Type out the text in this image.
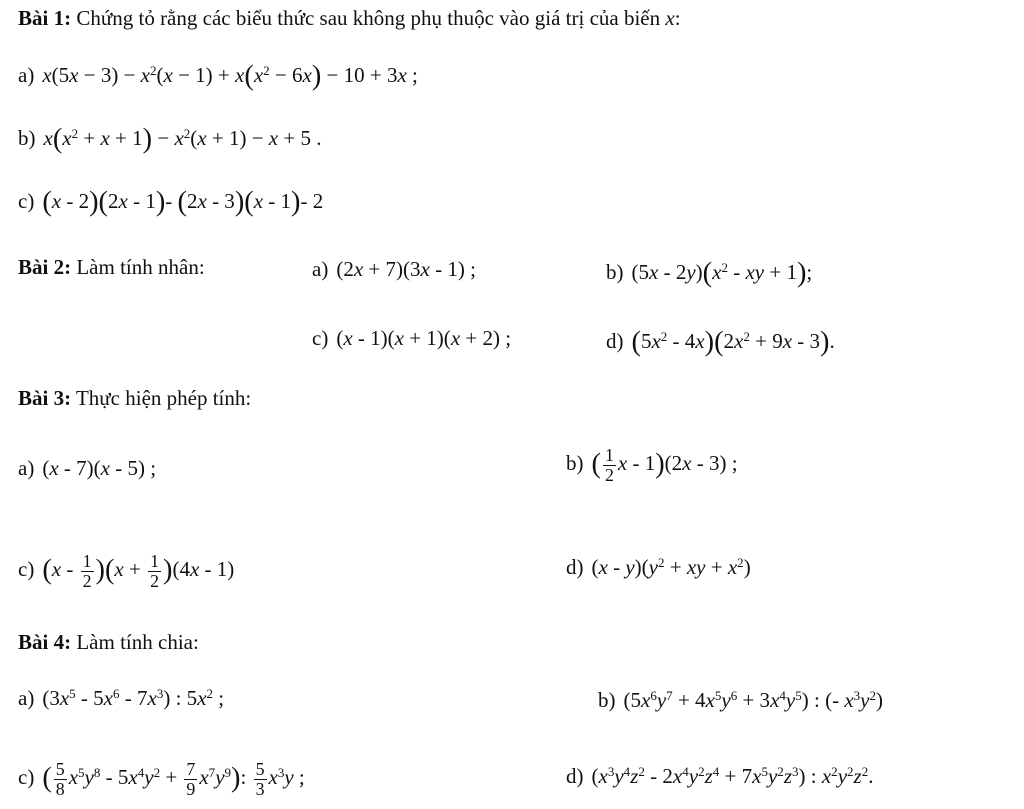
Bài 1: Chứng tỏ rằng các biểu thức sau không phụ thuộc vào giá trị của biến x:
a) $x(5x - 3) - x^2(x - 1) + x(x^2 - 6x) - 10 + 3x$ ;
b) $x(x^2 + x + 1) - x^2(x + 1) - x + 5$ .
c) (x - 2)(2x - 1)- (2x - 3)(x - 1)- 2
Bài 2: Làm tính nhân:	a) (2x + 7)(3x - 1) ;	b) $(5x - 2y)(x^2$ - xy + 1);
c) (x - 1)(x + 1)(x + 2) ;	d) $(5x^2 - 4x)(2x^2 + 9x - 3)$.
Bài 3: Thực hiện phép tính:
a) (x - 7)(x - 5) ;	b) ( $\frac{1}{2}$ x - 1)(2x - 3) ;
c) $(x - \frac{1}{2} )(x + \frac{1}{2} )(4x - 1)$	d) $(x - y)(y^2$ + xy + $x^2$)
Bài 4: Làm tính chia:
a) $(3x^5 - 5x^6 - 7x^3)$ : $5x^2$ ;	b) $(5x^6y^7 + 4x^5y^6 + 3x^4y^5)$ : (- $x^3y^2$)
c) ( $\frac{5}{8} x^5y^8 - 5x^4y^2 + \frac{7}{9} x^7y^9$): $\frac{5}{3} x^3y$ ;	d) $(x^3y^4z^2 - 2x^4y^2z^4 + 7x^5y^2z^3)$ : $x^2y^2z^2$.
